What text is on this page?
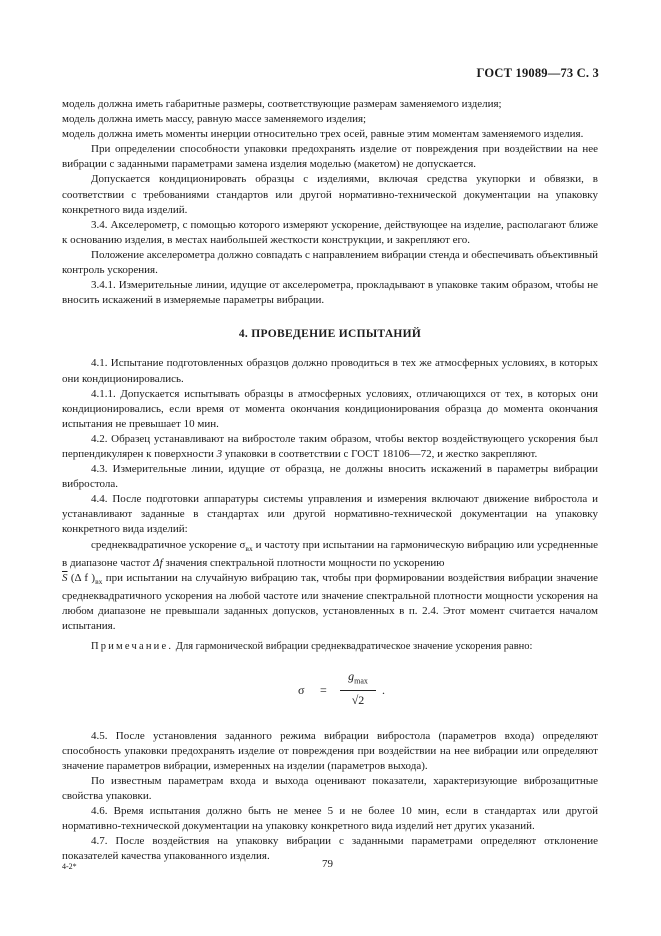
ГОСТ 19089—73 С. 3

модель должна иметь габаритные размеры, соответствующие размерам заменяемого изделия;

модель должна иметь массу, равную массе заменяемого изделия;

модель должна иметь моменты инерции относительно трех осей, равные этим моментам заменяемого изделия.

При определении способности упаковки предохранять изделие от повреждения при воздействии на нее вибрации с заданными параметрами замена изделия моделью (макетом) не допускается.

Допускается кондиционировать образцы с изделиями, включая средства укупорки и обвязки, в соответствии с требованиями стандартов или другой нормативно-технической документации на упаковку конкретного вида изделий.

3.4. Акселерометр, с помощью которого измеряют ускорение, действующее на изделие, располагают ближе к основанию изделия, в местах наибольшей жесткости конструкции, и закрепляют его.

Положение акселерометра должно совпадать с направлением вибрации стенда и обеспечивать объективный контроль ускорения.

3.4.1. Измерительные линии, идущие от акселерометра, прокладывают в упаковке таким образом, чтобы не вносить искажений в измеряемые параметры вибрации.

4. ПРОВЕДЕНИЕ ИСПЫТАНИЙ

4.1. Испытание подготовленных образцов должно проводиться в тех же атмосферных условиях, в которых они кондиционировались.

4.1.1. Допускается испытывать образцы в атмосферных условиях, отличающихся от тех, в которых они кондиционировались, если время от момента окончания кондиционирования образца до момента окончания испытания не превышает 10 мин.

4.2. Образец устанавливают на вибростоле таким образом, чтобы вектор воздействующего ускорения был перпендикулярен к поверхности 3 упаковки в соответствии с ГОСТ 18106—72, и жестко закрепляют.

4.3. Измерительные линии, идущие от образца, не должны вносить искажений в параметры вибрации вибростола.

4.4. После подготовки аппаратуры системы управления и измерения включают движение вибростола и устанавливают заданные в стандартах или другой нормативно-технической документации на упаковку конкретного вида изделий:

среднеквадратичное ускорение $\sigma_{вх}$ и частоту при испытании на гармоническую вибрацию или усредненные в диапазоне частот Δf значения спектральной плотности мощности по ускорению

$\overline{S}$ (Δ f )$_{вх}$ при испытании на случайную вибрацию так, чтобы при формировании воздействия вибрации значение среднеквадратичного ускорения на любой частоте или значение спектральной плотности мощности ускорения на любом диапазоне не превышали заданных допусков, установленных в п. 2.4. Этот момент считается началом испытания.

Примечание. Для гармонической вибрации среднеквадратическое значение ускорения равно:

σ =
$g_{max}$
√2
.

4.5. После установления заданного режима вибрации вибростола (параметров входа) определяют способность упаковки предохранять изделие от повреждения при воздействии на нее вибрации или определяют значение параметров вибрации, измеренных на изделии (параметров выхода).

По известным параметрам входа и выхода оценивают показатели, характеризующие виброзащитные свойства упаковки.

4.6. Время испытания должно быть не менее 5 и не более 10 мин, если в стандартах или другой нормативно-технической документации на упаковку конкретного вида изделий нет других указаний.

4.7. После воздействия на упаковку вибрации с заданными параметрами определяют отклонение показателей качества упакованного изделия.

4-2*	79
